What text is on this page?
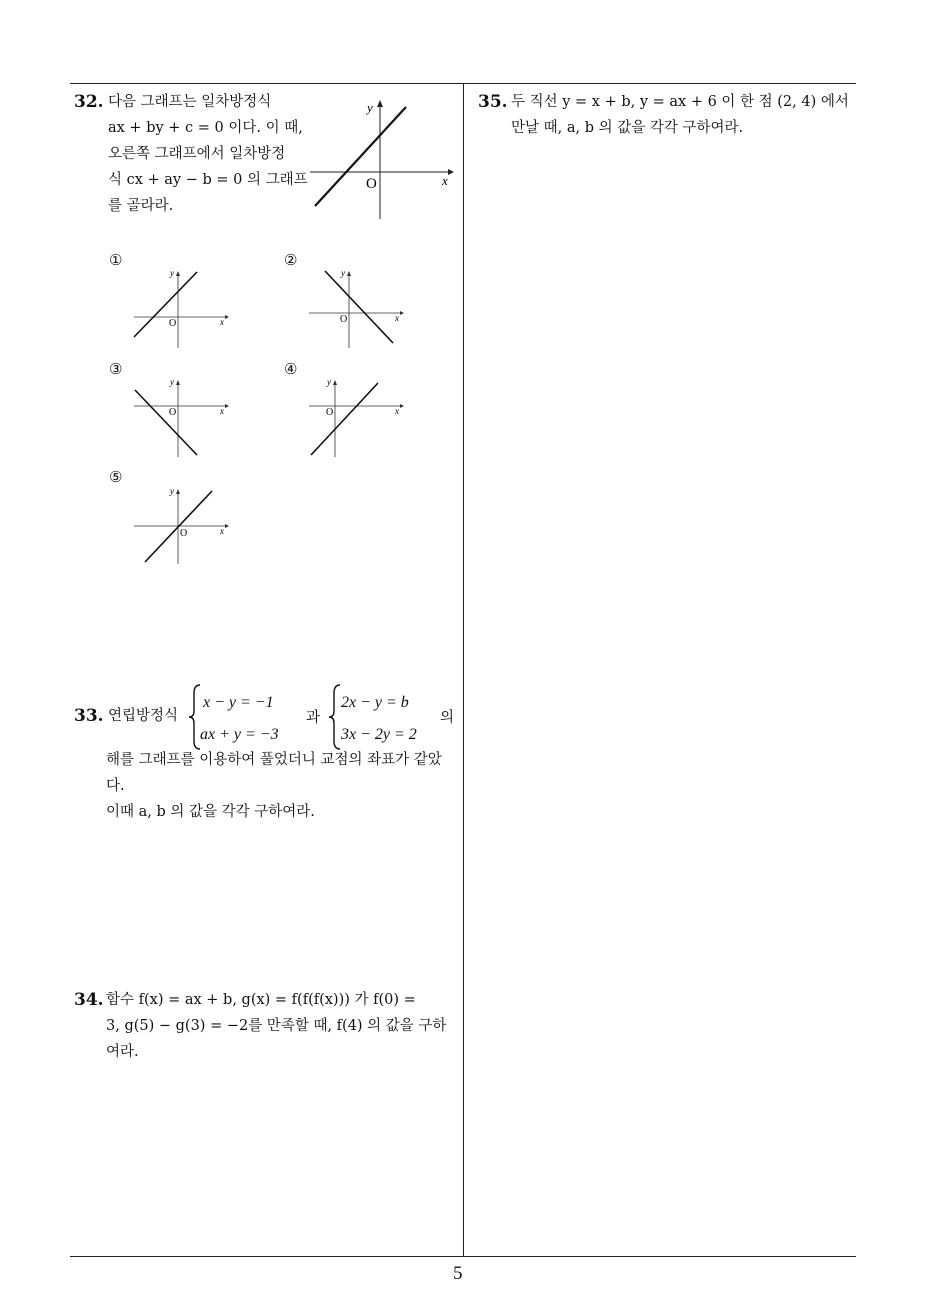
32. 다음 그래프는 일차방정식
ax + by + c = 0 이다. 이 때,
오른쪽 그래프에서 일차방정
식 cx + ay − b = 0 의 그래프
를 골라라.
y
x
O
①
y
x
O
②
y
x
O
③
y
x
O
④
y
x
O
⑤
y
x
O
33. 연립방정식
x − y = −1
ax + y = −3
과
2x − y = b
3x − 2y = 2
의
해를 그래프를 이용하여 풀었더니 교점의 좌표가 같았
다.
이때 a, b 의 값을 각각 구하여라.
34. 함수 f(x) = ax + b, g(x) = f(f(f(x))) 가 f(0) =
3, g(5) − g(3) = −2를 만족할 때, f(4) 의 값을 구하
여라.
35. 두 직선 y = x + b, y = ax + 6 이 한 점 (2, 4) 에서
만날 때, a, b 의 값을 각각 구하여라.
5
